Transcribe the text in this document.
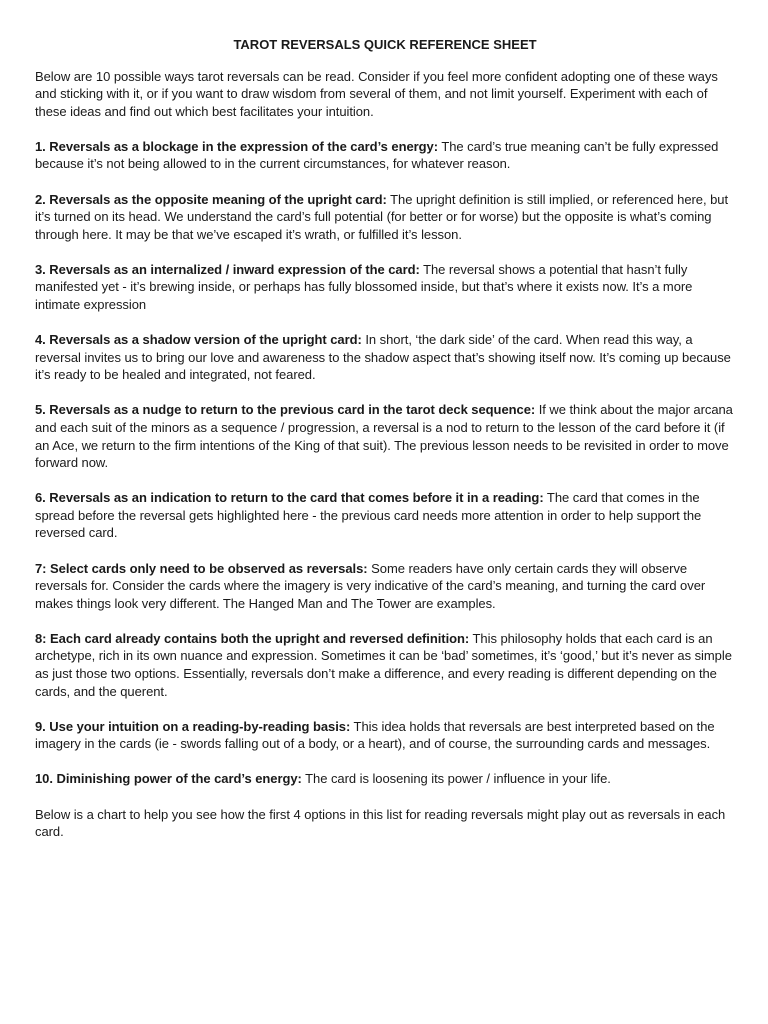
TAROT REVERSALS QUICK REFERENCE SHEET

Below are 10 possible ways tarot reversals can be read. Consider if you feel more confident adopting one of these ways and sticking with it, or if you want to draw wisdom from several of them, and not limit yourself. Experiment with each of these ideas and find out which best facilitates your intuition.

1. Reversals as a blockage in the expression of the card’s energy: The card’s true meaning can’t be fully expressed because it’s not being allowed to in the current circumstances, for whatever reason.

2. Reversals as the opposite meaning of the upright card: The upright definition is still implied, or referenced here, but it’s turned on its head. We understand the card’s full potential (for better or for worse) but the opposite is what’s coming through here. It may be that we’ve escaped it’s wrath, or fulfilled it’s lesson.

3. Reversals as an internalized / inward expression of the card: The reversal shows a potential that hasn’t fully manifested yet - it’s brewing inside, or perhaps has fully blossomed inside, but that’s where it exists now. It’s a more intimate expression

4. Reversals as a shadow version of the upright card: In short, ‘the dark side’ of the card. When read this way, a reversal invites us to bring our love and awareness to the shadow aspect that’s showing itself now. It’s coming up because it’s ready to be healed and integrated, not feared.

5. Reversals as a nudge to return to the previous card in the tarot deck sequence: If we think about the major arcana and each suit of the minors as a sequence / progression, a reversal is a nod to return to the lesson of the card before it (if an Ace, we return to the firm intentions of the King of that suit). The previous lesson needs to be revisited in order to move forward now.

6. Reversals as an indication to return to the card that comes before it in a reading: The card that comes in the spread before the reversal gets highlighted here - the previous card needs more attention in order to help support the reversed card.

7: Select cards only need to be observed as reversals: Some readers have only certain cards they will observe reversals for. Consider the cards where the imagery is very indicative of the card’s meaning, and turning the card over makes things look very different. The Hanged Man and The Tower are examples.

8: Each card already contains both the upright and reversed definition: This philosophy holds that each card is an archetype, rich in its own nuance and expression. Sometimes it can be ‘bad’ sometimes, it’s ‘good,’ but it’s never as simple as just those two options. Essentially, reversals don’t make a difference, and every reading is different depending on the cards, and the querent.

9. Use your intuition on a reading-by-reading basis: This idea holds that reversals are best interpreted based on the imagery in the cards (ie - swords falling out of a body, or a heart), and of course, the surrounding cards and messages.

10. Diminishing power of the card’s energy: The card is loosening its power / influence in your life.

Below is a chart to help you see how the first 4 options in this list for reading reversals might play out as reversals in each card.
